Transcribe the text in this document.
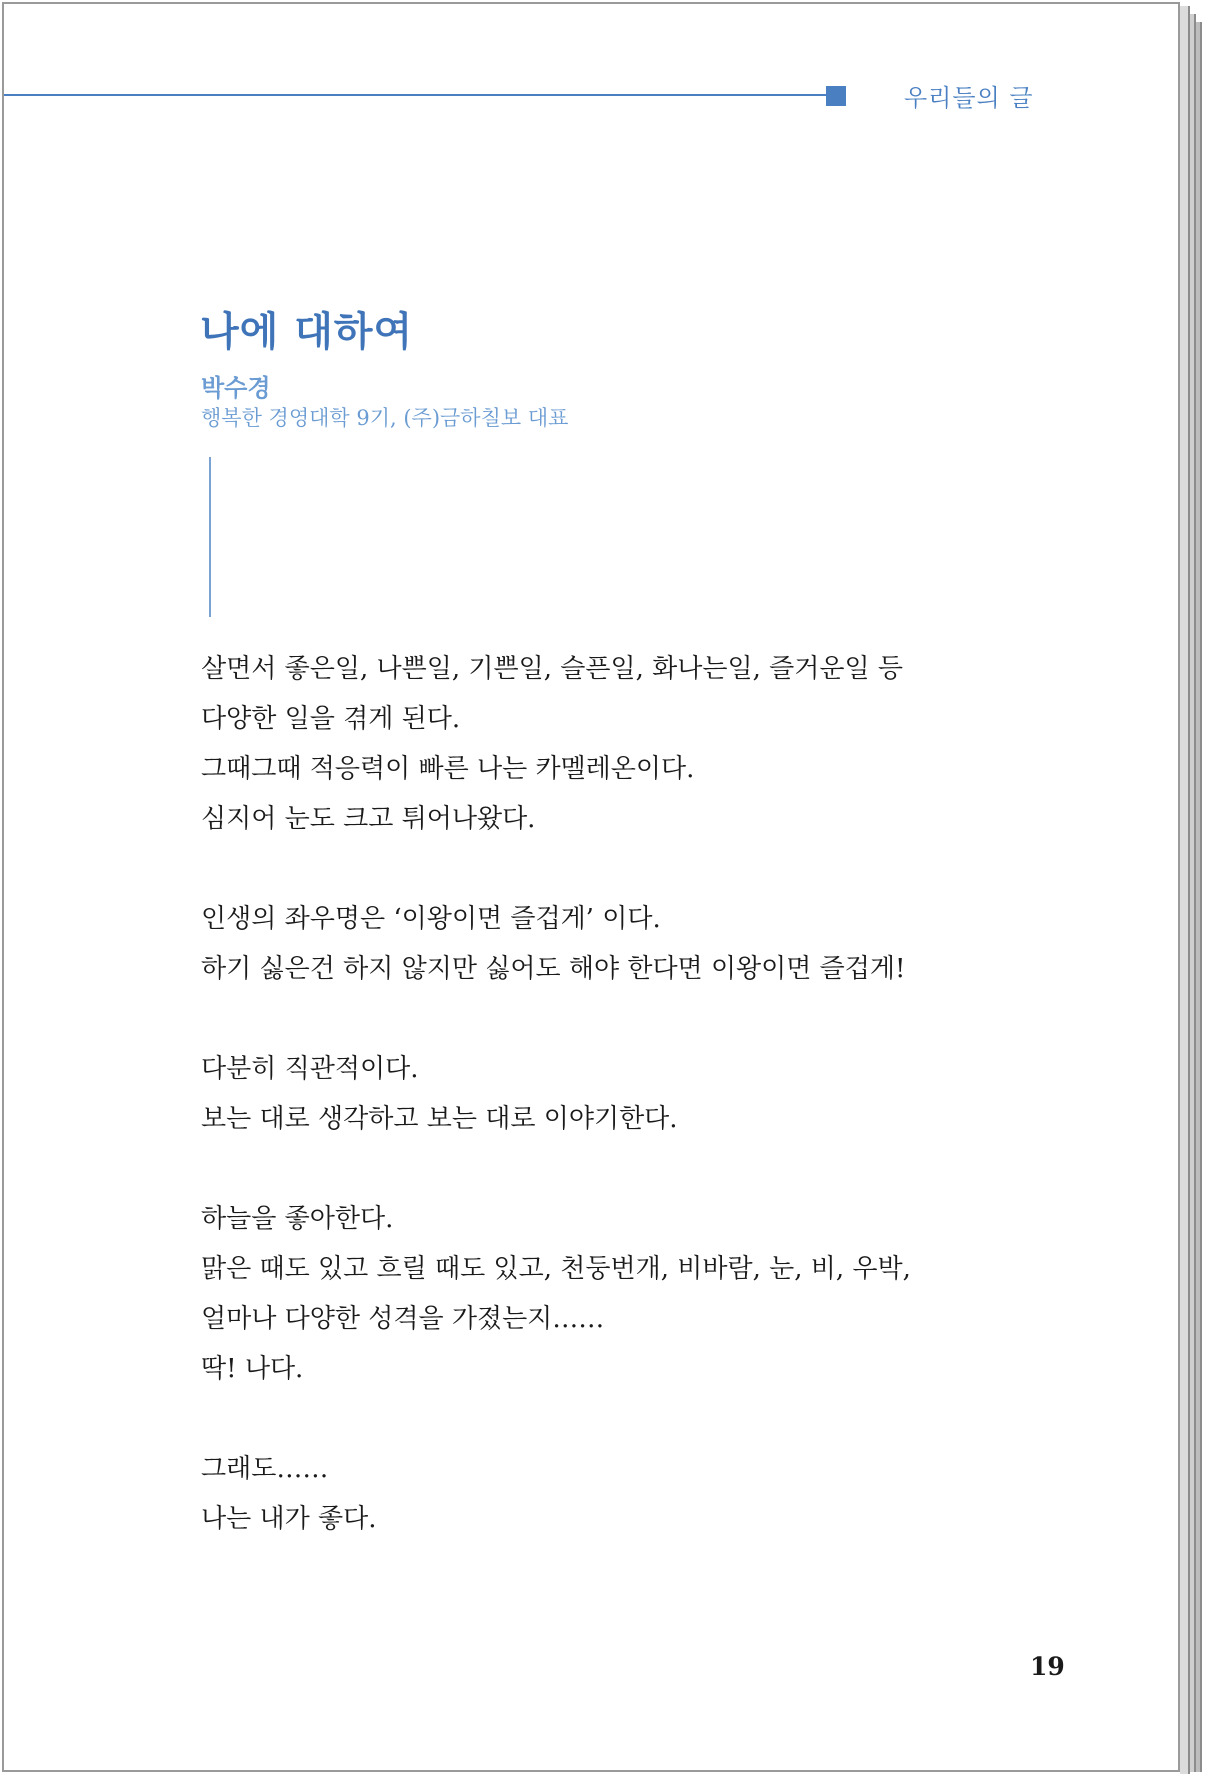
우리들의 글
나에 대하여
박수경
행복한 경영대학 9기, (주)금하칠보 대표
살면서 좋은일, 나쁜일, 기쁜일, 슬픈일, 화나는일, 즐거운일 등
다양한 일을 겪게 된다.
그때그때 적응력이 빠른 나는 카멜레온이다.
심지어 눈도 크고 튀어나왔다.
인생의 좌우명은 ‘이왕이면 즐겁게’ 이다.
하기 싫은건 하지 않지만 싫어도 해야 한다면 이왕이면 즐겁게!
다분히 직관적이다.
보는 대로 생각하고 보는 대로 이야기한다.
하늘을 좋아한다.
맑은 때도 있고 흐릴 때도 있고, 천둥번개, 비바람, 눈, 비, 우박,
얼마나 다양한 성격을 가졌는지……
딱! 나다.
그래도……
나는 내가 좋다.
19
